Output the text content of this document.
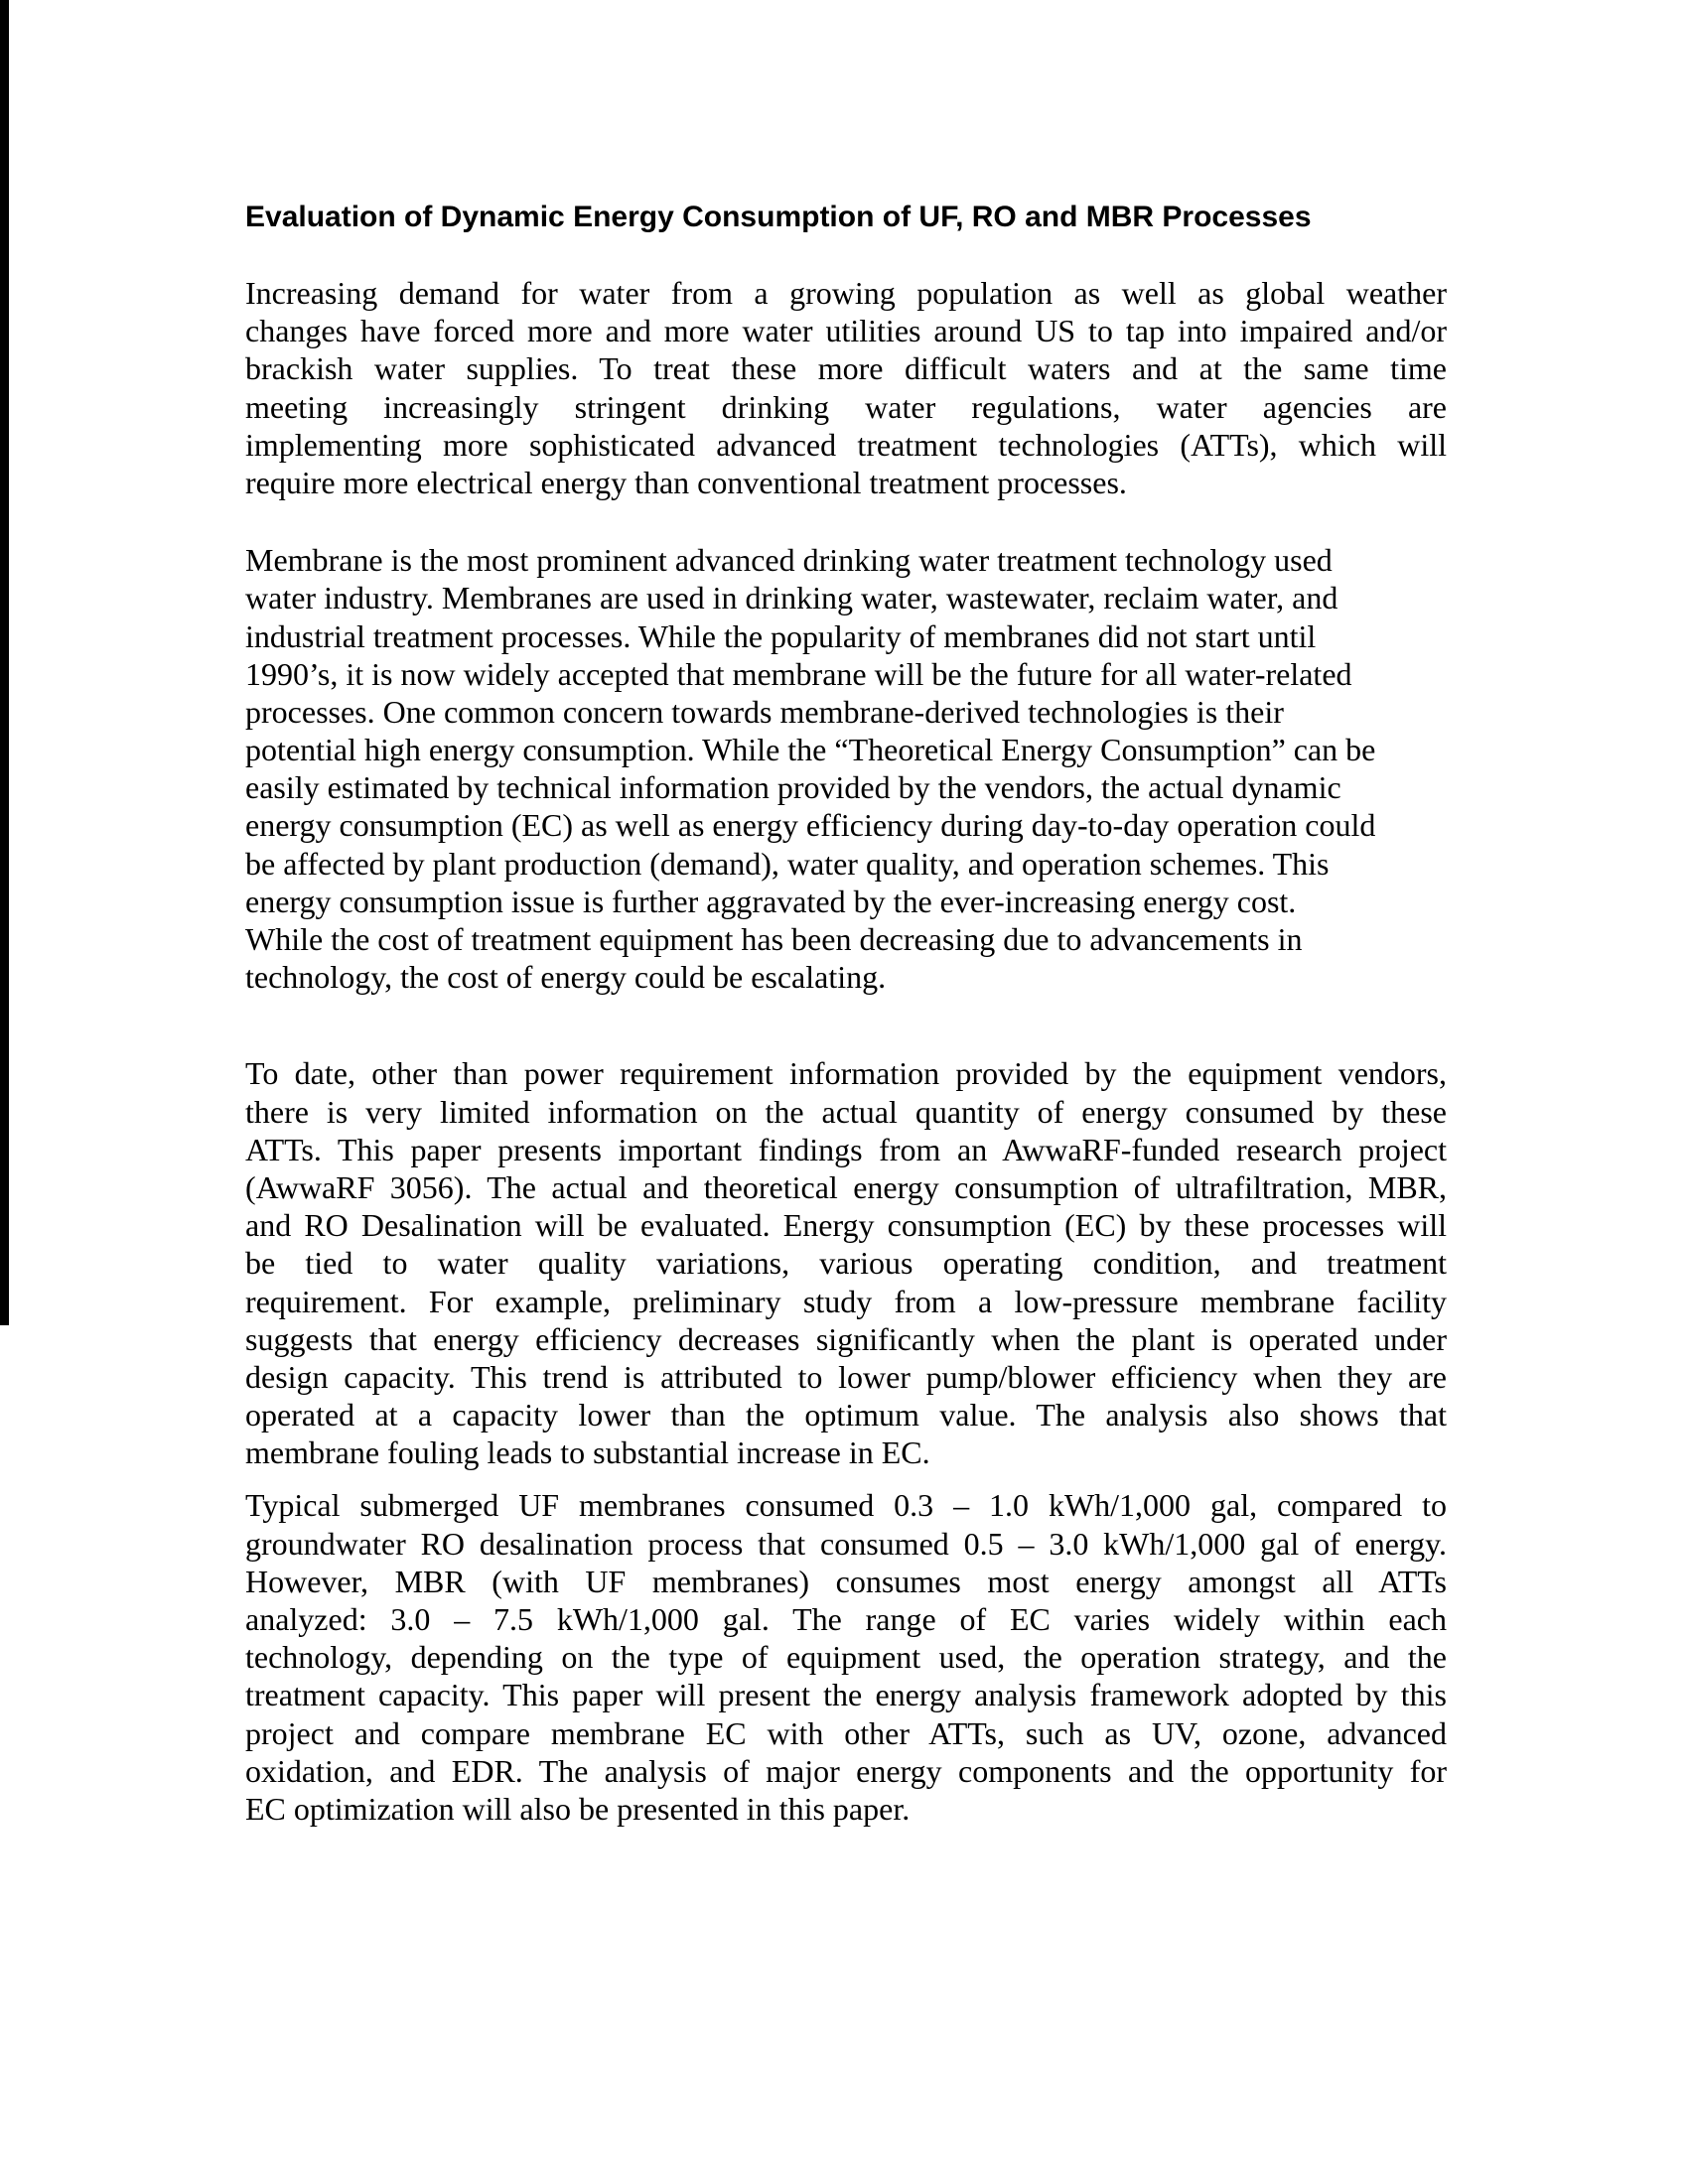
Evaluation of Dynamic Energy Consumption of UF, RO and MBR Processes
Increasing demand for water from a growing population as well as global weather
changes have forced more and more water utilities around US to tap into impaired and/or
brackish water supplies. To treat these more difficult waters and at the same time
meeting increasingly stringent drinking water regulations, water agencies are
implementing more sophisticated advanced treatment technologies (ATTs), which will
require more electrical energy than conventional treatment processes.
Membrane is the most prominent advanced drinking water treatment technology used
water industry. Membranes are used in drinking water, wastewater, reclaim water, and
industrial treatment processes. While the popularity of membranes did not start until
1990’s, it is now widely accepted that membrane will be the future for all water-related
processes. One common concern towards membrane-derived technologies is their
potential high energy consumption. While the “Theoretical Energy Consumption” can be
easily estimated by technical information provided by the vendors, the actual dynamic
energy consumption (EC) as well as energy efficiency during day-to-day operation could
be affected by plant production (demand), water quality, and operation schemes. This
energy consumption issue is further aggravated by the ever-increasing energy cost.
While the cost of treatment equipment has been decreasing due to advancements in
technology, the cost of energy could be escalating.
To date, other than power requirement information provided by the equipment vendors,
there is very limited information on the actual quantity of energy consumed by these
ATTs. This paper presents important findings from an AwwaRF-funded research project
(AwwaRF 3056). The actual and theoretical energy consumption of ultrafiltration, MBR,
and RO Desalination will be evaluated. Energy consumption (EC) by these processes will
be tied to water quality variations, various operating condition, and treatment
requirement. For example, preliminary study from a low-pressure membrane facility
suggests that energy efficiency decreases significantly when the plant is operated under
design capacity. This trend is attributed to lower pump/blower efficiency when they are
operated at a capacity lower than the optimum value. The analysis also shows that
membrane fouling leads to substantial increase in EC.
Typical submerged UF membranes consumed 0.3 – 1.0 kWh/1,000 gal, compared to
groundwater RO desalination process that consumed 0.5 – 3.0 kWh/1,000 gal of energy.
However, MBR (with UF membranes) consumes most energy amongst all ATTs
analyzed: 3.0 – 7.5 kWh/1,000 gal. The range of EC varies widely within each
technology, depending on the type of equipment used, the operation strategy, and the
treatment capacity. This paper will present the energy analysis framework adopted by this
project and compare membrane EC with other ATTs, such as UV, ozone, advanced
oxidation, and EDR. The analysis of major energy components and the opportunity for
EC optimization will also be presented in this paper.
